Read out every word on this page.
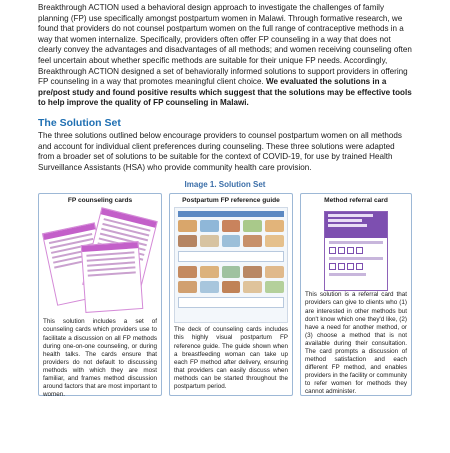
Breakthrough ACTION used a behavioral design approach to investigate the challenges of family planning (FP) use specifically amongst postpartum women in Malawi. Through formative research, we found that providers do not counsel postpartum women on the full range of contraceptive methods in a way that women internalize. Specifically, providers often offer FP counseling in a way that does not clearly convey the advantages and disadvantages of all methods; and women receiving counseling often feel uncertain about whether specific methods are suitable for their unique FP needs. Accordingly, Breakthrough ACTION designed a set of behaviorally informed solutions to support providers in offering FP counseling in a way that promotes meaningful client choice. We evaluated the solutions in a pre/post study and found positive results which suggest that the solutions may be effective tools to help improve the quality of FP counseling in Malawi.

The Solution Set

The three solutions outlined below encourage providers to counsel postpartum women on all methods and account for individual client preferences during counseling. These three solutions were adapted from a broader set of solutions to be suitable for the context of COVID-19, for use by trained Health Surveillance Assistants (HSA) who provide community health care provision.

Image 1. Solution Set
FP counseling cards

This solution includes a set of counseling cards which providers use to facilitate a discussion on all FP methods during one-on-one counseling, or during health talks. The cards ensure that providers do not default to discussing methods with which they are most familiar, and frames method discussion around factors that are most important to women.

Postpartum FP reference guide

The deck of counseling cards includes this highly visual postpartum FP reference guide. The guide shown when a breastfeeding woman can take up each FP method after delivery, ensuring that providers can easily discuss when methods can be started throughout the postpartum period.

Method referral card

This solution is a referral card that providers can give to clients who (1) are interested in other methods but don't know which one they'd like, (2) have a need for another method, or (3) choose a method that is not available during their consultation. The card prompts a discussion of method satisfaction and each different FP method, and enables providers in the facility or community to refer women for methods they cannot administer.
